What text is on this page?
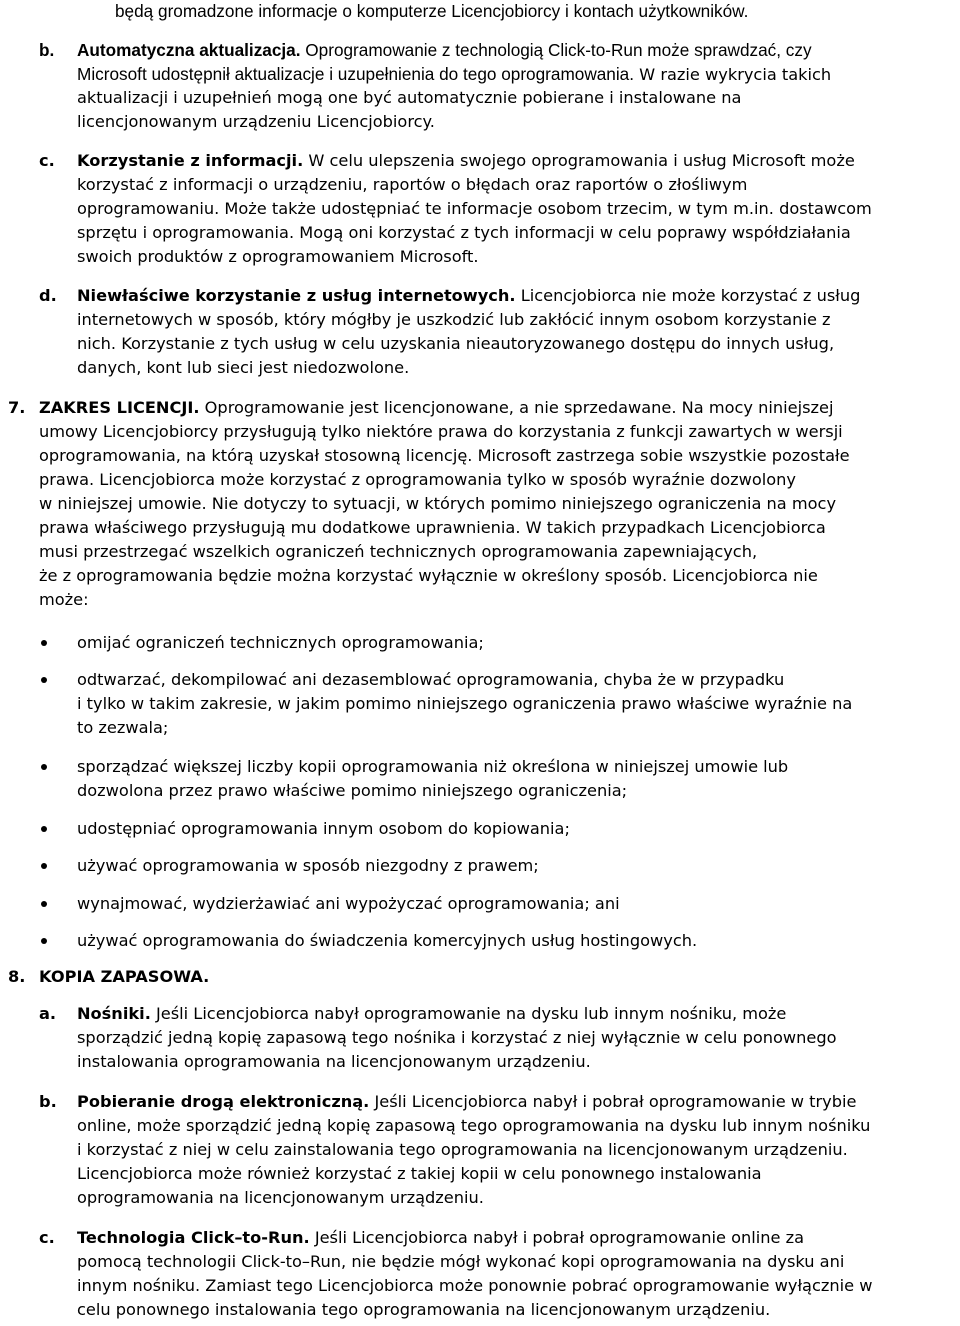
będą gromadzone informacje o komputerze Licencjobiorcy i kontach użytkowników.
b. Automatyczna aktualizacja. Oprogramowanie z technologią Click-to-Run może sprawdzać, czy
Microsoft udostępnił aktualizacje i uzupełnienia do tego oprogramowania. W razie wykrycia takich
aktualizacji i uzupełnień mogą one być automatycznie pobierane i instalowane na
licencjonowanym urządzeniu Licencjobiorcy.
c. Korzystanie z informacji. W celu ulepszenia swojego oprogramowania i usług Microsoft może
korzystać z informacji o urządzeniu, raportów o błędach oraz raportów o złośliwym
oprogramowaniu. Może także udostępniać te informacje osobom trzecim, w tym m.in. dostawcom
sprzętu i oprogramowania. Mogą oni korzystać z tych informacji w celu poprawy współdziałania
swoich produktów z oprogramowaniem Microsoft.
d. Niewłaściwe korzystanie z usług internetowych. Licencjobiorca nie może korzystać z usług
internetowych w sposób, który mógłby je uszkodzić lub zakłócić innym osobom korzystanie z
nich. Korzystanie z tych usług w celu uzyskania nieautoryzowanego dostępu do innych usług,
danych, kont lub sieci jest niedozwolone.
7. ZAKRES LICENCJI. Oprogramowanie jest licencjonowane, a nie sprzedawane. Na mocy niniejszej
umowy Licencjobiorcy przysługują tylko niektóre prawa do korzystania z funkcji zawartych w wersji
oprogramowania, na którą uzyskał stosowną licencję. Microsoft zastrzega sobie wszystkie pozostałe
prawa. Licencjobiorca może korzystać z oprogramowania tylko w sposób wyraźnie dozwolony
w niniejszej umowie. Nie dotyczy to sytuacji, w których pomimo niniejszego ograniczenia na mocy
prawa właściwego przysługują mu dodatkowe uprawnienia. W takich przypadkach Licencjobiorca
musi przestrzegać wszelkich ograniczeń technicznych oprogramowania zapewniających,
że z oprogramowania będzie można korzystać wyłącznie w określony sposób. Licencjobiorca nie
może:
omijać ograniczeń technicznych oprogramowania;
odtwarzać, dekompilować ani dezasemblować oprogramowania, chyba że w przypadku
i tylko w takim zakresie, w jakim pomimo niniejszego ograniczenia prawo właściwe wyraźnie na
to zezwala;
sporządzać większej liczby kopii oprogramowania niż określona w niniejszej umowie lub
dozwolona przez prawo właściwe pomimo niniejszego ograniczenia;
udostępniać oprogramowania innym osobom do kopiowania;
używać oprogramowania w sposób niezgodny z prawem;
wynajmować, wydzierżawiać ani wypożyczać oprogramowania; ani
używać oprogramowania do świadczenia komercyjnych usług hostingowych.
8. KOPIA ZAPASOWA.
a. Nośniki. Jeśli Licencjobiorca nabył oprogramowanie na dysku lub innym nośniku, może
sporządzić jedną kopię zapasową tego nośnika i korzystać z niej wyłącznie w celu ponownego
instalowania oprogramowania na licencjonowanym urządzeniu.
b. Pobieranie drogą elektroniczną. Jeśli Licencjobiorca nabył i pobrał oprogramowanie w trybie
online, może sporządzić jedną kopię zapasową tego oprogramowania na dysku lub innym nośniku
i korzystać z niej w celu zainstalowania tego oprogramowania na licencjonowanym urządzeniu.
Licencjobiorca może również korzystać z takiej kopii w celu ponownego instalowania
oprogramowania na licencjonowanym urządzeniu.
c. Technologia Click–to-Run. Jeśli Licencjobiorca nabył i pobrał oprogramowanie online za
pomocą technologii Click-to–Run, nie będzie mógł wykonać kopi oprogramowania na dysku ani
innym nośniku. Zamiast tego Licencjobiorca może ponownie pobrać oprogramowanie wyłącznie w
celu ponownego instalowania tego oprogramowania na licencjonowanym urządzeniu.
